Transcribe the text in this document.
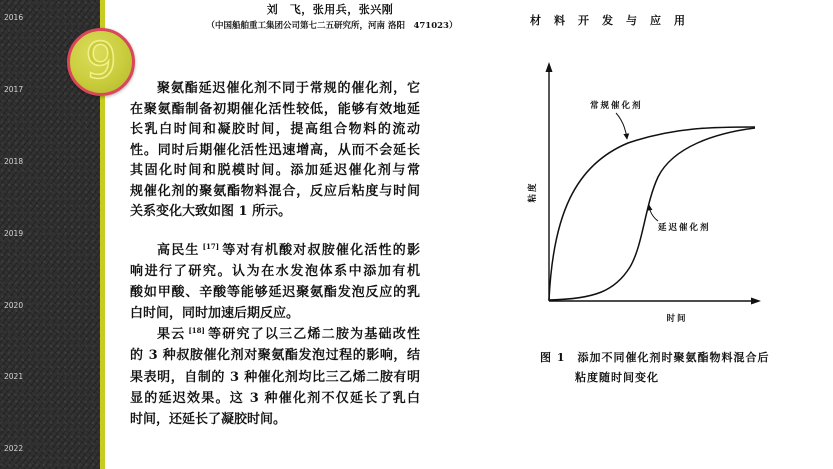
2016
2017
2018
2019
2020
2021
2022
9
刘　飞，张用兵，张兴刚
（中国船舶重工集团公司第七二五研究所，河南 洛阳　471023）	材料开发与应用
聚氨酯延迟催化剂不同于常规的催化剂，它
在聚氨酯制备初期催化活性较低，能够有效地延
长乳白时间和凝胶时间，提高组合物料的流动
性。同时后期催化活性迅速增高，从而不会延长
其固化时间和脱模时间。添加延迟催化剂与常
规催化剂的聚氨酯物料混合，反应后粘度与时间
关系变化大致如图 1 所示。
高民生 [17] 等对有机酸对叔胺催化活性的影
响进行了研究。认为在水发泡体系中添加有机
酸如甲酸、辛酸等能够延迟聚氨酯发泡反应的乳
白时间，同时加速后期反应。
果云 [18] 等研究了以三乙烯二胺为基础改性
的 3 种叔胺催化剂对聚氨酯发泡过程的影响，结
果表明，自制的 3 种催化剂均比三乙烯二胺有明
显的延迟效果。这 3 种催化剂不仅延长了乳白
时间，还延长了凝胶时间。
常规催化剂
延迟催化剂
粘度
时间
图 1 添加不同催化剂时聚氨酯物料混合后
粘度随时间变化
